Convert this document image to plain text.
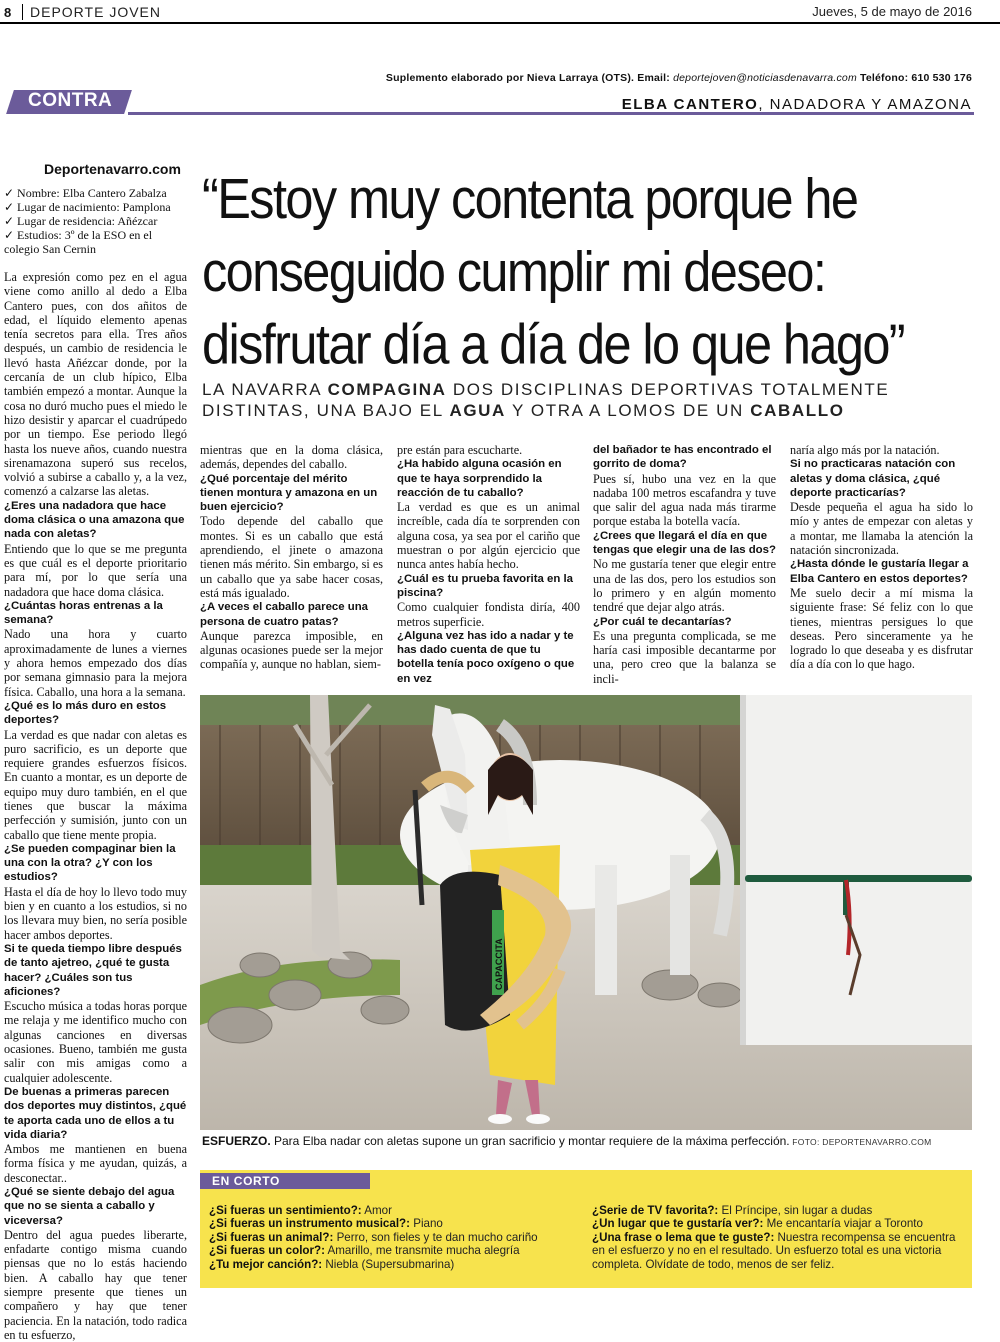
8 DEPORTE JOVEN	Jueves, 5 de mayo de 2016
Suplemento elaborado por Nieva Larraya (OTS). Email: deportejoven@noticiasdenavarra.com Teléfono: 610 530 176
CONTRA	ELBA CANTERO, NADADORA Y AMAZONA
Deportenavarro.com
✓ Nombre: Elba Cantero Zabalza
✓ Lugar de nacimiento: Pamplona
✓ Lugar de residencia: Añézcar
✓ Estudios: 3º de la ESO en el colegio San Cernin
“Estoy muy contenta porque he conseguido cumplir mi deseo: disfrutar día a día de lo que hago”
LA NAVARRA COMPAGINA DOS DISCIPLINAS DEPORTIVAS TOTALMENTE DISTINTAS, UNA BAJO EL AGUA Y OTRA A LOMOS DE UN CABALLO

La expresión como pez en el agua viene como anillo al dedo a Elba Cantero pues, con dos añitos de edad, el líquido elemento apenas tenía secretos para ella. Tres años después, un cambio de residencia le llevó hasta Añézcar donde, por la cercanía de un club hípico, Elba también empezó a montar. Aunque la cosa no duró mucho pues el miedo le hizo desistir y aparcar el cuadrúpedo por un tiempo. Ese periodo llegó hasta los nueve años, cuando nuestra sirenamazona superó sus recelos, volvió a subirse a caballo y, a la vez, comenzó a calzarse las aletas.

¿Eres una nadadora que hace doma clásica o una amazona que nada con aletas?

Entiendo que lo que se me pregunta es que cuál es el deporte prioritario para mí, por lo que sería una nadadora que hace doma clásica.

¿Cuántas horas entrenas a la semana?

Nado una hora y cuarto aproximadamente de lunes a viernes y ahora hemos empezado dos días por semana gimnasio para la mejora física. Caballo, una hora a la semana.

¿Qué es lo más duro en estos deportes?

La verdad es que nadar con aletas es puro sacrificio, es un deporte que requiere grandes esfuerzos físicos. En cuanto a montar, es un deporte de equipo muy duro también, en el que tienes que buscar la máxima perfección y sumisión, junto con un caballo que tiene mente propia.

¿Se pueden compaginar bien la una con la otra? ¿Y con los estudios?

Hasta el día de hoy lo llevo todo muy bien y en cuanto a los estudios, si no los llevara muy bien, no sería posible hacer ambos deportes.

Si te queda tiempo libre después de tanto ajetreo, ¿qué te gusta hacer? ¿Cuáles son tus aficiones?

Escucho música a todas horas porque me relaja y me identifico mucho con algunas canciones en diversas ocasiones. Bueno, también me gusta salir con mis amigas como a cualquier adolescente.

De buenas a primeras parecen dos deportes muy distintos, ¿qué te aporta cada uno de ellos a tu vida diaria?

Ambos me mantienen en buena forma física y me ayudan, quizás, a desconectar..

¿Qué se siente debajo del agua que no se sienta a caballo y viceversa?

Dentro del agua puedes liberarte, enfadarte contigo misma cuando piensas que no lo estás haciendo bien. A caballo hay que tener siempre presente que tienes un compañero y hay que tener paciencia. En la natación, todo radica en tu esfuerzo,

mientras que en la doma clásica, además, dependes del caballo.

¿Qué porcentaje del mérito tienen montura y amazona en un buen ejercicio?

Todo depende del caballo que montes. Si es un caballo que está aprendiendo, el jinete o amazona tienen más mérito. Sin embargo, si es un caballo que ya sabe hacer cosas, está más igualado.

¿A veces el caballo parece una persona de cuatro patas?

Aunque parezca imposible, en algunas ocasiones puede ser la mejor compañía y, aunque no hablan, siem-

pre están para escucharte.

¿Ha habido alguna ocasión en que te haya sorprendido la reacción de tu caballo?

La verdad es que es un animal increíble, cada día te sorprenden con alguna cosa, ya sea por el cariño que muestran o por algún ejercicio que nunca antes había hecho.

¿Cuál es tu prueba favorita en la piscina?

Como cualquier fondista diría, 400 metros superficie.

¿Alguna vez has ido a nadar y te has dado cuenta de que tu botella tenía poco oxígeno o que en vez

del bañador te has encontrado el gorrito de doma?

Pues sí, hubo una vez en la que nadaba 100 metros escafandra y tuve que salir del agua nada más tirarme porque estaba la botella vacía.

¿Crees que llegará el día en que tengas que elegir una de las dos?

No me gustaría tener que elegir entre una de las dos, pero los estudios son lo primero y en algún momento tendré que dejar algo atrás.

¿Por cuál te decantarías?

Es una pregunta complicada, se me haría casi imposible decantarme por una, pero creo que la balanza se incli-

naría algo más por la natación.

Si no practicaras natación con aletas y doma clásica, ¿qué deporte practicarías?

Desde pequeña el agua ha sido lo mío y antes de empezar con aletas y a montar, me llamaba la atención la natación sincronizada.

¿Hasta dónde le gustaría llegar a Elba Cantero en estos deportes?

Me suelo decir a mí misma la siguiente frase: Sé feliz con lo que tienes, mientras persigues lo que deseas. Pero sinceramente ya he logrado lo que deseaba y es disfrutar día a día con lo que hago.

CAPACCITA
ESFUERZO. Para Elba nadar con aletas supone un gran sacrificio y montar requiere de la máxima perfección. FOTO: DEPORTENAVARRO.COM
EN CORTO
¿Si fueras un sentimiento?: Amor
¿Si fueras un instrumento musical?: Piano
¿Si fueras un animal?: Perro, son fieles y te dan mucho cariño
¿Si fueras un color?: Amarillo, me transmite mucha alegría
¿Tu mejor canción?: Niebla (Supersubmarina)
¿Serie de TV favorita?: El Príncipe, sin lugar a dudas
¿Un lugar que te gustaría ver?: Me encantaría viajar a Toronto
¿Una frase o lema que te guste?: Nuestra recompensa se encuentra en el esfuerzo y no en el resultado. Un esfuerzo total es una victoria completa. Olvídate de todo, menos de ser feliz.
